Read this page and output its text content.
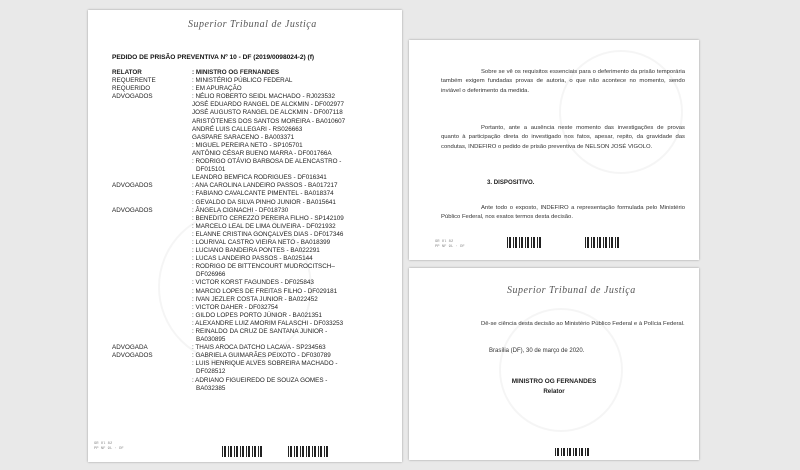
Superior Tribunal de Justiça
PEDIDO DE PRISÃO PREVENTIVA Nº 10 - DF (2019/0098024-2) (f)
RELATOR	: MINISTRO OG FERNANDES
REQUERENTE	: MINISTÉRIO PÚBLICO FEDERAL
REQUERIDO	: EM APURAÇÃO
ADVOGADOS	: NÉLIO ROBERTO SEIDL MACHADO - RJ023532
JOSÉ EDUARDO RANGEL DE ALCKMIN - DF002977
JOSÉ AUGUSTO RANGEL DE ALCKMIN - DF007118
ARISTÓTENES DOS SANTOS MOREIRA - BA010607
ANDRÉ LUIS CALLEGARI - RS026663
GASPARE SARACENO - BA003371
: MIGUEL PEREIRA NETO - SP105701
ANTÔNIO CÉSAR BUENO MARRA - DF001766A
: RODRIGO OTÁVIO BARBOSA DE ALENCASTRO -
DF015101
LEANDRO BEMFICA RODRIGUES - DF016341
ADVOGADOS	: ANA CAROLINA LANDEIRO PASSOS - BA017217
: FABIANO CAVALCANTE PIMENTEL - BA018374
: GEVALDO DA SILVA PINHO JUNIOR - BA015641
ADVOGADOS	: ÂNGELA CIGNACHI - DF018730
: BENEDITO CEREZZO PEREIRA FILHO - SP142109
: MARCELO LEAL DE LIMA OLIVEIRA - DF021932
: ELANNE CRISTINA GONÇALVES DIAS - DF017346
: LOURIVAL CASTRO VIEIRA NETO - BA018399
: LUCIANO BANDEIRA PONTES - BA022291
: LUCAS LANDEIRO PASSOS - BA025144
: RODRIGO DE BITTENCOURT MUDROCITSCH–
DF026966
: VICTOR KORST FAGUNDES - DF025843
: MARCIO LOPES DE FREITAS FILHO - DF029181
: IVAN JEZLER COSTA JUNIOR - BA022452
: VICTOR DAHER - DF032754
: GILDO LOPES PORTO JÚNIOR - BA021351
: ALEXANDRE LUIZ AMORIM FALASCHI - DF033253
: REINALDO DA CRUZ DE SANTANA JUNIOR -
BA030895
ADVOGADA	: THAIS AROCA DATCHO LACAVA - SP234563
ADVOGADOS	: GABRIELA GUIMARÃES PEIXOTO - DF030789
: LUIS HENRIQUE ALVES SOBREIRA MACHADO -
DF028512
: ADRIANO FIGUEIREDO DE SOUZA GOMES -
BA032385
GR Ol 82
PP NF 9L · DF

Sobre se vê os requisitos essenciais para o deferimento da prisão temporária também exigem fundadas provas de autoria, o que não acontece no momento, sendo inviável o deferimento da medida.

Portanto, ante a ausência neste momento das investigações de provas quanto à participação direta do investigado nos fatos, apesar, repito, da gravidade das condutas, INDEFIRO o pedido de prisão preventiva de NELSON JOSÉ VIGOLO.

3. DISPOSITIVO.

Ante todo o exposto, INDEFIRO a representação formulada pelo Ministério Público Federal, nos exatos termos desta decisão.

GR Ol 82
PP NF 9L · DF
Superior Tribunal de Justiça

Dê-se ciência desta decisão ao Ministério Público Federal e à Polícia Federal.

Brasília (DF), 30 de março de 2020.
MINISTRO OG FERNANDES
Relator
